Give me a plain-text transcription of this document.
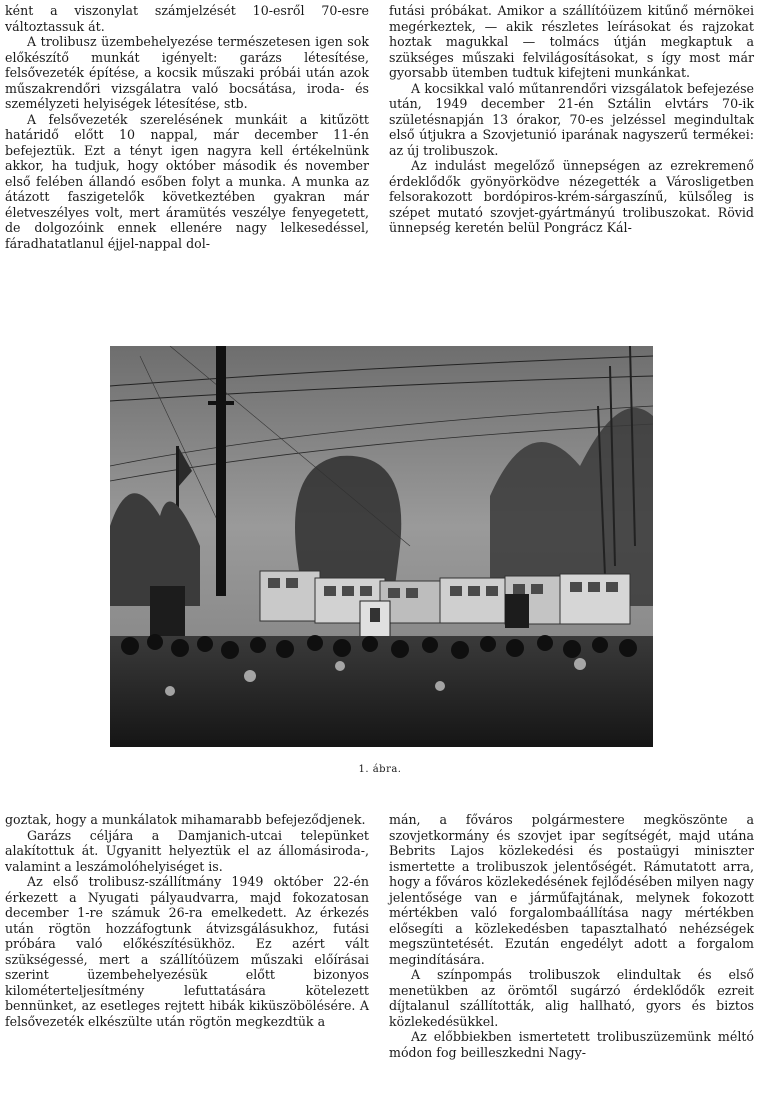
ként a viszonylat számjelzését 10-esről 70-esre változtassuk át.

A trolibusz üzembehelyezése természetesen igen sok előkészítő munkát igényelt: garázs létesítése, felsővezeték építése, a kocsik műszaki próbái után azok műszakrendőri vizsgálatra való bocsátása, iroda- és személyzeti helyiségek létesítése, stb.

A felsővezeték szerelésének munkáit a kitűzött határidő előtt 10 nappal, már december 11-én befejeztük. Ezt a tényt igen nagyra kell értékelnünk akkor, ha tudjuk, hogy október második és november első felében állandó esőben folyt a munka. A munka az átázott faszigetelők következtében gyakran már életveszélyes volt, mert áramütés veszélye fenyegetett, de dolgozóink ennek ellenére nagy lelkesedéssel, fáradhatatlanul éjjel-nappal dol-

futási próbákat. Amikor a szállítóüzem kitűnő mérnökei megérkeztek, — akik részletes leírásokat és rajzokat hoztak magukkal — tolmács útján megkaptuk a szükséges műszaki felvilágosításokat, s így most már gyorsabb ütemben tudtuk kifejteni munkánkat.

A kocsikkal való műtanrendőri vizsgálatok befejezése után, 1949 december 21-én Sztálin elvtárs 70-ik születésnapján 13 órakor, 70-es jelzéssel megindultak első útjukra a Szovjetunió iparának nagyszerű termékei: az új trolibuszok.

Az indulást megelőző ünnepségen az ezrekremenő érdeklődők gyönyörködve nézegették a Városligetben felsorakozott bordópiros-krém-sárgaszínű, külsőleg is szépet mutató szovjet-gyártmányú trolibuszokat. Rövid ünnepség keretén belül Pongrácz Kál-

1. ábra.

goztak, hogy a munkálatok mihamarabb befejeződjenek.

Garázs céljára a Damjanich-utcai telepünket alakítottuk át. Ugyanitt helyeztük el az állomásiroda-, valamint a leszámolóhelyiséget is.

Az első trolibusz-szállítmány 1949 október 22-én érkezett a Nyugati pályaudvarra, majd fokozatosan december 1-re számuk 26-ra emelkedett. Az érkezés után rögtön hozzáfogtunk átvizsgálásukhoz, futási próbára való előkészítésükhöz. Ez azért vált szükségessé, mert a szállítóüzem műszaki előírásai szerint üzembehelyezésük előtt bizonyos kilométerteljesítmény lefuttatására kötelezett bennünket, az esetleges rejtett hibák kiküszöbölésére. A felsővezeték elkészülte után rögtön megkezdtük a

mán, a főváros polgármestere megköszönte a szovjetkormány és szovjet ipar segítségét, majd utána Bebrits Lajos közlekedési és postaügyi miniszter ismertette a trolibuszok jelentőségét. Rámutatott arra, hogy a főváros közlekedésének fejlődésében milyen nagy jelentősége van e járműfajtának, melynek fokozott mértékben való forgalombaállítása nagy mértékben elősegíti a közlekedésben tapasztalható nehézségek megszüntetését. Ezután engedélyt adott a forgalom megindítására.

A színpompás trolibuszok elindultak és első menetükben az örömtől sugárzó érdeklődők ezreit díjtalanul szállították, alig hallható, gyors és biztos közlekedésükkel.

Az előbbiekben ismertetett trolibuszüzemünk méltó módon fog beilleszkedni Nagy-
